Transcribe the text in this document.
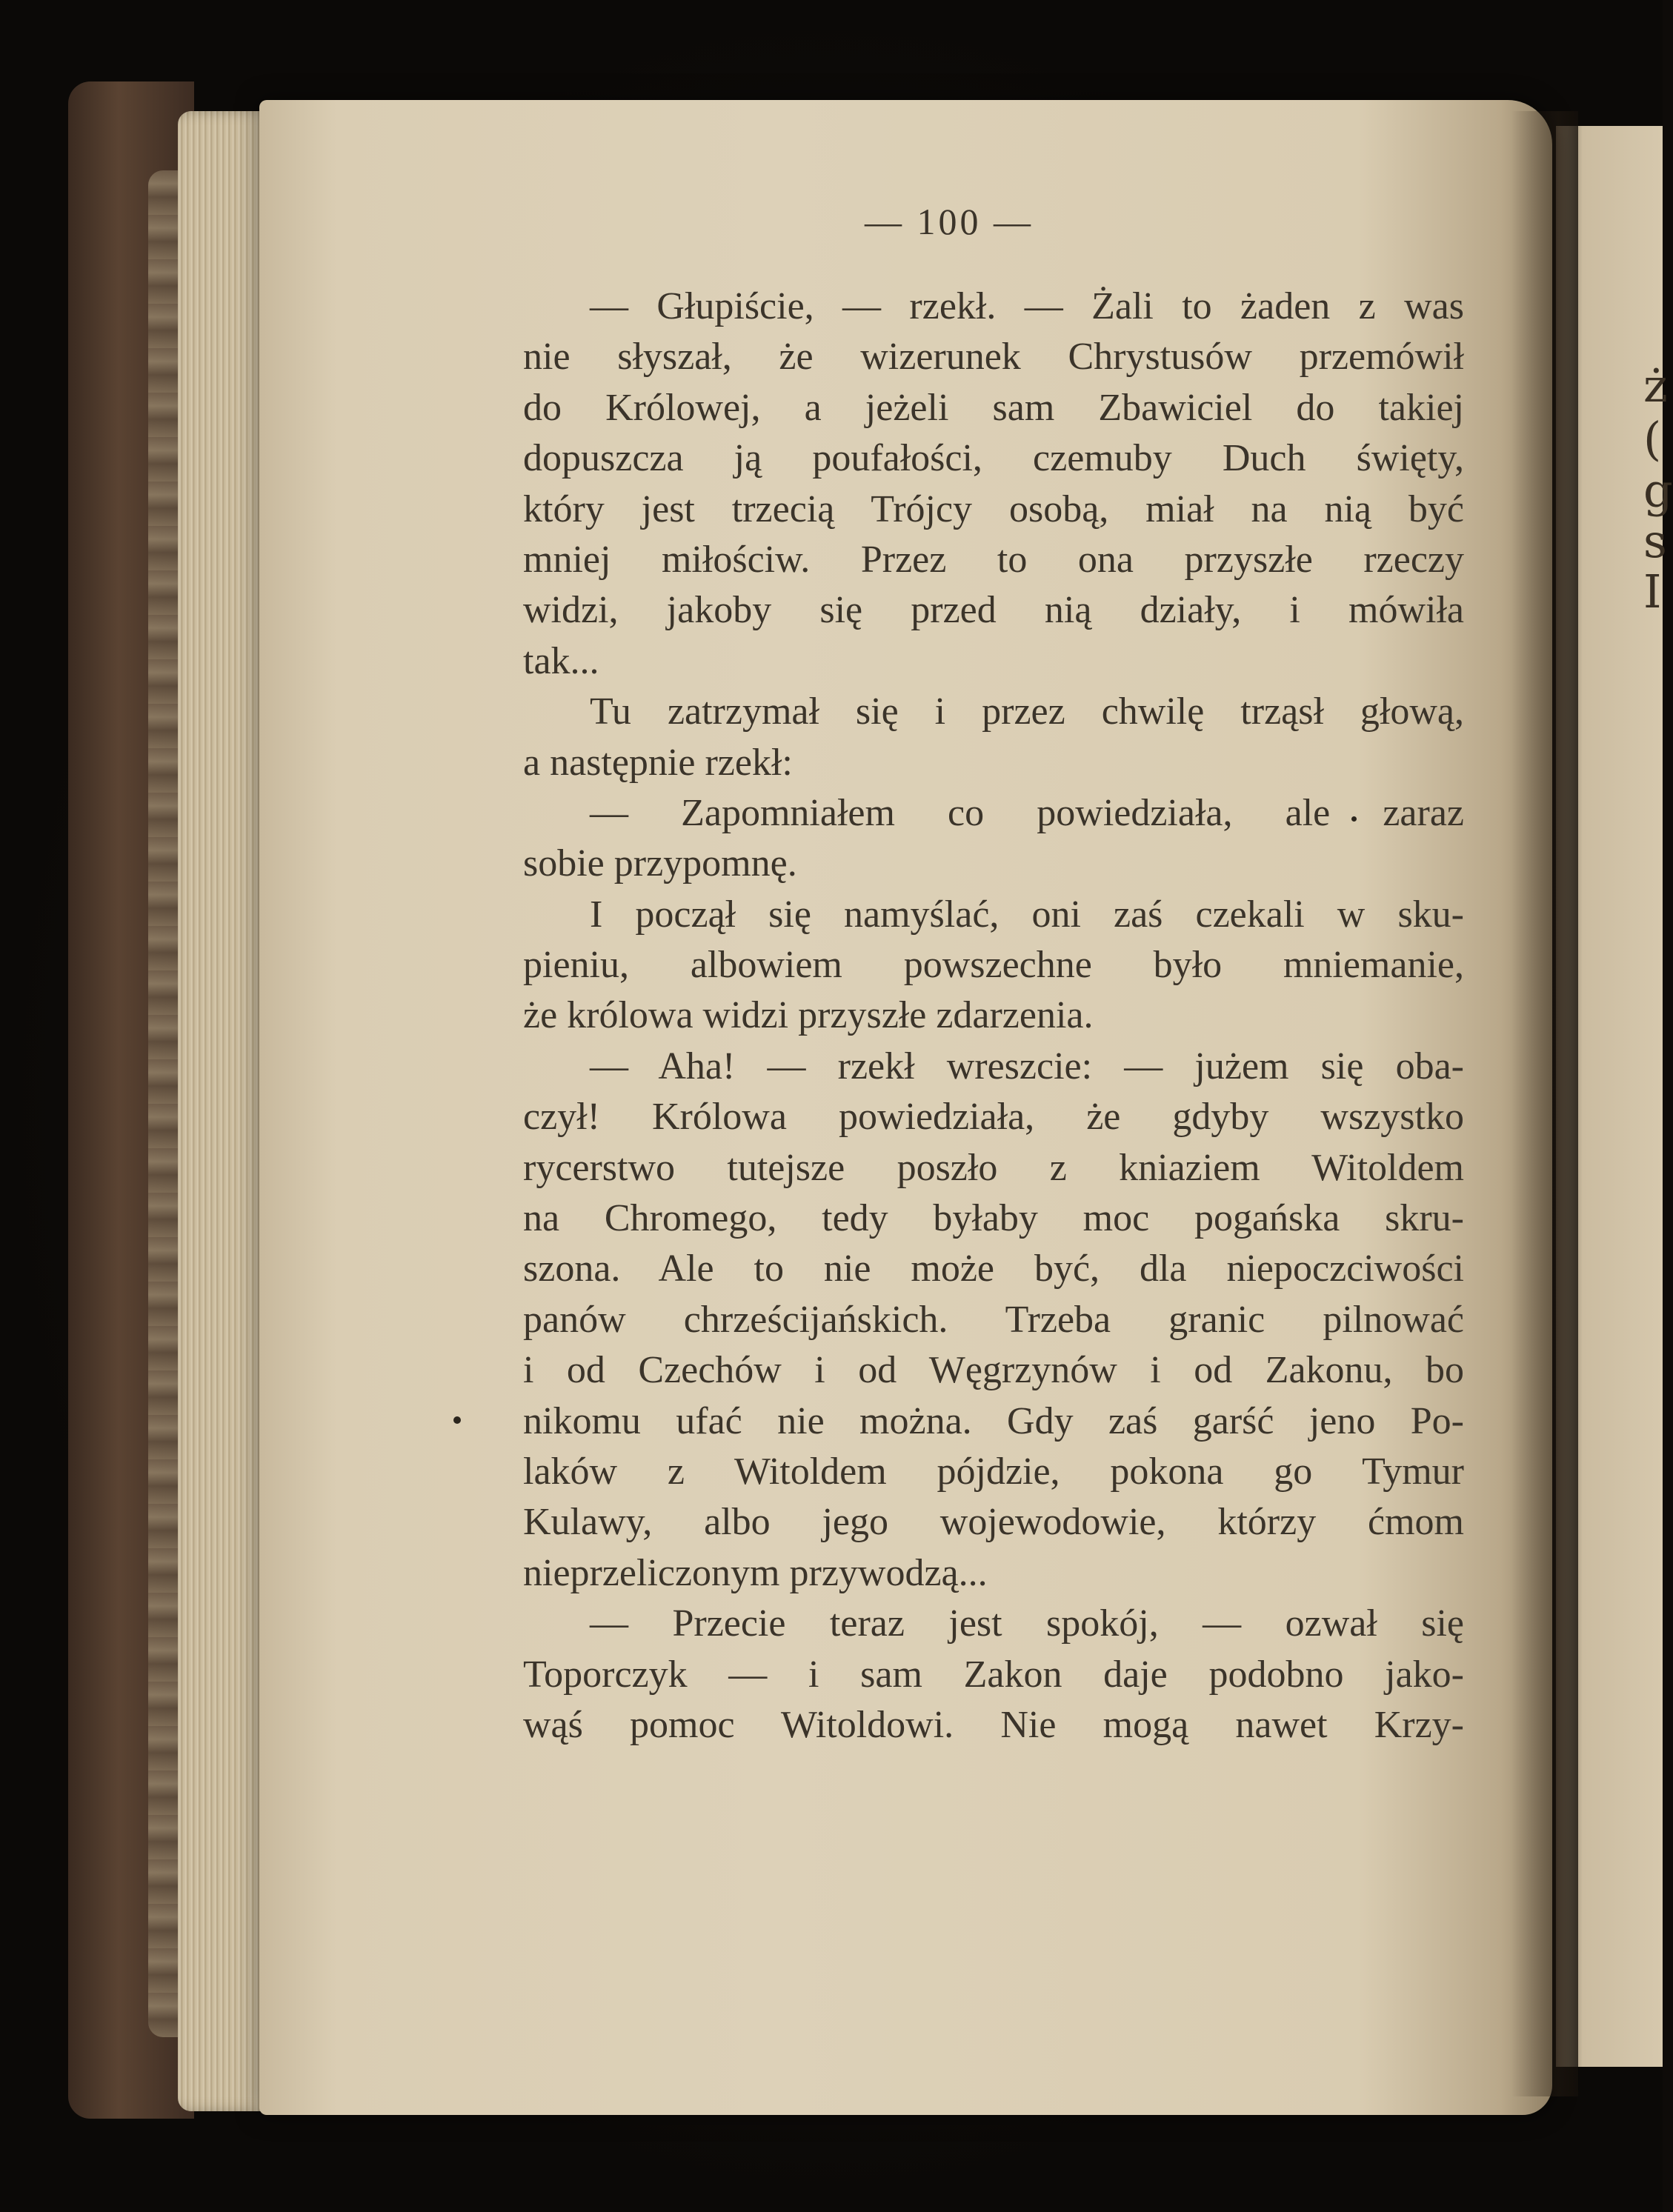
ż
(
g
s
I
— 100 —
— Głupiście, — rzekł. — Żali to żaden z was
nie słyszał, że wizerunek Chrystusów przemówił
do Królowej, a jeżeli sam Zbawiciel do takiej
dopuszcza ją poufałości, czemuby Duch święty,
który jest trzecią Trójcy osobą, miał na nią być
mniej miłościw. Przez to ona przyszłe rzeczy
widzi, jakoby się przed nią działy, i mówiła
tak...
Tu zatrzymał się i przez chwilę trząsł głową,
a następnie rzekł:
— Zapomniałem co powiedziała, ale zaraz
sobie przypomnę.
I począł się namyślać, oni zaś czekali w sku-
pieniu, albowiem powszechne było mniemanie,
że królowa widzi przyszłe zdarzenia.
— Aha! — rzekł wreszcie: — jużem się oba-
czył! Królowa powiedziała, że gdyby wszystko
rycerstwo tutejsze poszło z kniaziem Witoldem
na Chromego, tedy byłaby moc pogańska skru-
szona. Ale to nie może być, dla niepoczciwości
panów chrześcijańskich. Trzeba granic pilnować
i od Czechów i od Węgrzynów i od Zakonu, bo
nikomu ufać nie można. Gdy zaś garść jeno Po-
laków z Witoldem pójdzie, pokona go Tymur
Kulawy, albo jego wojewodowie, którzy ćmom
nieprzeliczonym przywodzą...
— Przecie teraz jest spokój, — ozwał się
Toporczyk — i sam Zakon daje podobno jako-
wąś pomoc Witoldowi. Nie mogą nawet Krzy-
